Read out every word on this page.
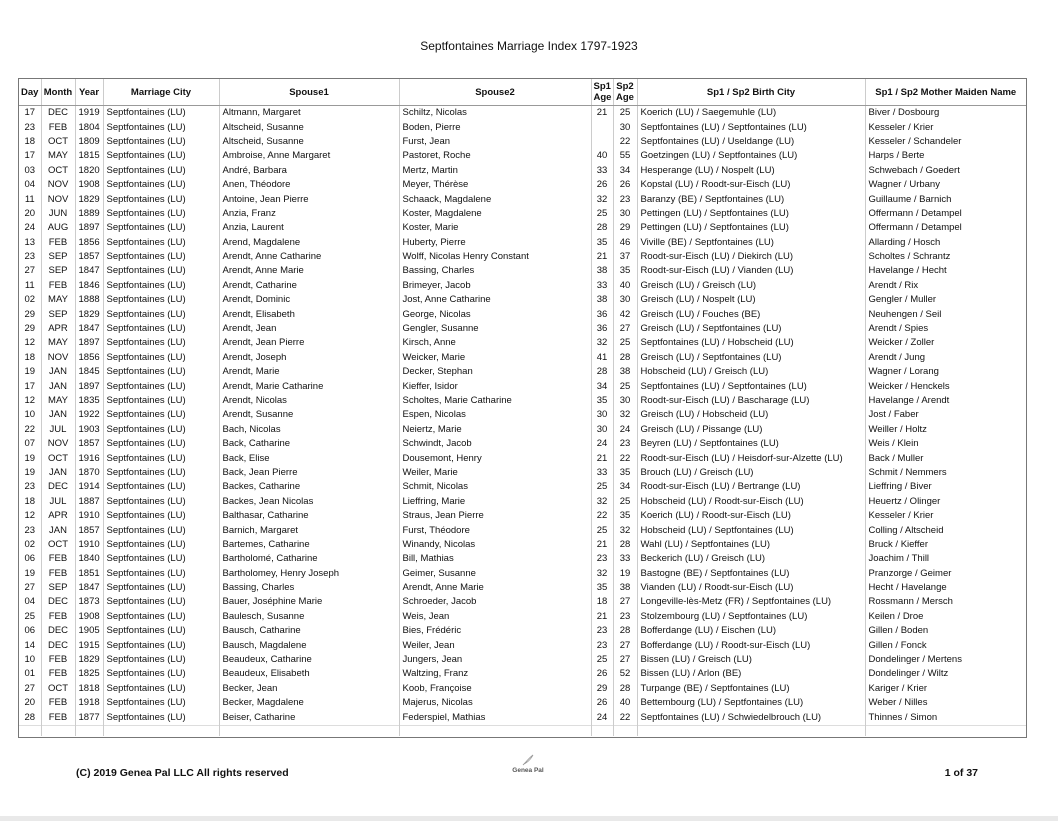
Septfontaines Marriage Index 1797-1923
Day	Month	Year	Marriage City	Spouse1	Spouse2	Sp1 Age	Sp2 Age	Sp1 / Sp2 Birth City	Sp1 / Sp2 Mother Maiden Name
17	DEC	1919	Septfontaines (LU)	Altmann, Margaret	Schiltz, Nicolas	21	25	Koerich (LU) / Saegemuhle (LU)	Biver / Dosbourg
23	FEB	1804	Septfontaines (LU)	Altscheid, Susanne	Boden, Pierre		30	Septfontaines (LU) / Septfontaines (LU)	Kesseler / Krier
18	OCT	1809	Septfontaines (LU)	Altscheid, Susanne	Furst, Jean		22	Septfontaines (LU) / Useldange (LU)	Kesseler / Schandeler
17	MAY	1815	Septfontaines (LU)	Ambroise, Anne Margaret	Pastoret, Roche	40	55	Goetzingen (LU) / Septfontaines (LU)	Harps / Berte
03	OCT	1820	Septfontaines (LU)	André, Barbara	Mertz, Martin	33	34	Hesperange (LU) / Nospelt (LU)	Schwebach / Goedert
04	NOV	1908	Septfontaines (LU)	Anen, Théodore	Meyer, Thérèse	26	26	Kopstal (LU) / Roodt-sur-Eisch (LU)	Wagner / Urbany
11	NOV	1829	Septfontaines (LU)	Antoine, Jean Pierre	Schaack, Magdalene	32	23	Baranzy (BE) / Septfontaines (LU)	Guillaume / Barnich
20	JUN	1889	Septfontaines (LU)	Anzia, Franz	Koster, Magdalene	25	30	Pettingen (LU) / Septfontaines (LU)	Offermann / Detampel
24	AUG	1897	Septfontaines (LU)	Anzia, Laurent	Koster, Marie	28	29	Pettingen (LU) / Septfontaines (LU)	Offermann / Detampel
13	FEB	1856	Septfontaines (LU)	Arend, Magdalene	Huberty, Pierre	35	46	Viville (BE) / Septfontaines (LU)	Allarding / Hosch
23	SEP	1857	Septfontaines (LU)	Arendt, Anne Catharine	Wolff, Nicolas Henry Constant	21	37	Roodt-sur-Eisch (LU) / Diekirch (LU)	Scholtes / Schrantz
27	SEP	1847	Septfontaines (LU)	Arendt, Anne Marie	Bassing, Charles	38	35	Roodt-sur-Eisch (LU) / Vianden (LU)	Havelange / Hecht
11	FEB	1846	Septfontaines (LU)	Arendt, Catharine	Brimeyer, Jacob	33	40	Greisch (LU) / Greisch (LU)	Arendt / Rix
02	MAY	1888	Septfontaines (LU)	Arendt, Dominic	Jost, Anne Catharine	38	30	Greisch (LU) / Nospelt (LU)	Gengler / Muller
29	SEP	1829	Septfontaines (LU)	Arendt, Elisabeth	George, Nicolas	36	42	Greisch (LU) / Fouches (BE)	Neuhengen / Seil
29	APR	1847	Septfontaines (LU)	Arendt, Jean	Gengler, Susanne	36	27	Greisch (LU) / Septfontaines (LU)	Arendt / Spies
12	MAY	1897	Septfontaines (LU)	Arendt, Jean Pierre	Kirsch, Anne	32	25	Septfontaines (LU) / Hobscheid (LU)	Weicker / Zoller
18	NOV	1856	Septfontaines (LU)	Arendt, Joseph	Weicker, Marie	41	28	Greisch (LU) / Septfontaines (LU)	Arendt / Jung
19	JAN	1845	Septfontaines (LU)	Arendt, Marie	Decker, Stephan	28	38	Hobscheid (LU) / Greisch (LU)	Wagner / Lorang
17	JAN	1897	Septfontaines (LU)	Arendt, Marie Catharine	Kieffer, Isidor	34	25	Septfontaines (LU) / Septfontaines (LU)	Weicker / Henckels
12	MAY	1835	Septfontaines (LU)	Arendt, Nicolas	Scholtes, Marie Catharine	35	30	Roodt-sur-Eisch (LU) / Bascharage (LU)	Havelange / Arendt
10	JAN	1922	Septfontaines (LU)	Arendt, Susanne	Espen, Nicolas	30	32	Greisch (LU) / Hobscheid (LU)	Jost / Faber
22	JUL	1903	Septfontaines (LU)	Bach, Nicolas	Neiertz, Marie	30	24	Greisch (LU) / Pissange (LU)	Weiller / Holtz
07	NOV	1857	Septfontaines (LU)	Back, Catharine	Schwindt, Jacob	24	23	Beyren (LU) / Septfontaines (LU)	Weis / Klein
19	OCT	1916	Septfontaines (LU)	Back, Elise	Dousemont, Henry	21	22	Roodt-sur-Eisch (LU) / Heisdorf-sur-Alzette (LU)	Back / Muller
19	JAN	1870	Septfontaines (LU)	Back, Jean Pierre	Weiler, Marie	33	35	Brouch (LU) / Greisch (LU)	Schmit / Nemmers
23	DEC	1914	Septfontaines (LU)	Backes, Catharine	Schmit, Nicolas	25	34	Roodt-sur-Eisch (LU) / Bertrange (LU)	Lieffring / Biver
18	JUL	1887	Septfontaines (LU)	Backes, Jean Nicolas	Lieffring, Marie	32	25	Hobscheid (LU) / Roodt-sur-Eisch (LU)	Heuertz / Olinger
12	APR	1910	Septfontaines (LU)	Balthasar, Catharine	Straus, Jean Pierre	22	35	Koerich (LU) / Roodt-sur-Eisch (LU)	Kesseler / Krier
23	JAN	1857	Septfontaines (LU)	Barnich, Margaret	Furst, Théodore	25	32	Hobscheid (LU) / Septfontaines (LU)	Colling / Altscheid
02	OCT	1910	Septfontaines (LU)	Bartemes, Catharine	Winandy, Nicolas	21	28	Wahl (LU) / Septfontaines (LU)	Bruck / Kieffer
06	FEB	1840	Septfontaines (LU)	Bartholomé, Catharine	Bill, Mathias	23	33	Beckerich (LU) / Greisch (LU)	Joachim / Thill
19	FEB	1851	Septfontaines (LU)	Bartholomey, Henry Joseph	Geimer, Susanne	32	19	Bastogne (BE) / Septfontaines (LU)	Pranzorge / Geimer
27	SEP	1847	Septfontaines (LU)	Bassing, Charles	Arendt, Anne Marie	35	38	Vianden (LU) / Roodt-sur-Eisch (LU)	Hecht / Havelange
04	DEC	1873	Septfontaines (LU)	Bauer, Joséphine Marie	Schroeder, Jacob	18	27	Longeville-lès-Metz (FR) / Septfontaines (LU)	Rossmann / Mersch
25	FEB	1908	Septfontaines (LU)	Baulesch, Susanne	Weis, Jean	21	23	Stolzembourg (LU) / Septfontaines (LU)	Keilen / Droe
06	DEC	1905	Septfontaines (LU)	Bausch, Catharine	Bies, Frédéric	23	28	Bofferdange (LU) / Eischen (LU)	Gillen / Boden
14	DEC	1915	Septfontaines (LU)	Bausch, Magdalene	Weiler, Jean	23	27	Bofferdange (LU) / Roodt-sur-Eisch (LU)	Gillen / Fonck
10	FEB	1829	Septfontaines (LU)	Beaudeux, Catharine	Jungers, Jean	25	27	Bissen (LU) / Greisch (LU)	Dondelinger / Mertens
01	FEB	1825	Septfontaines (LU)	Beaudeux, Elisabeth	Waltzing, Franz	26	52	Bissen (LU) / Arlon (BE)	Dondelinger / Wiltz
27	OCT	1818	Septfontaines (LU)	Becker, Jean	Koob, Françoise	29	28	Turpange (BE) / Septfontaines (LU)	Kariger / Krier
20	FEB	1918	Septfontaines (LU)	Becker, Magdalene	Majerus, Nicolas	26	40	Bettembourg (LU) / Septfontaines (LU)	Weber / Nilles
28	FEB	1877	Septfontaines (LU)	Beiser, Catharine	Federspiel, Mathias	24	22	Septfontaines (LU) / Schwiedelbrouch (LU)	Thinnes / Simon

(C) 2019 Genea Pal LLC All rights reserved	Genea Pal	1 of 37
